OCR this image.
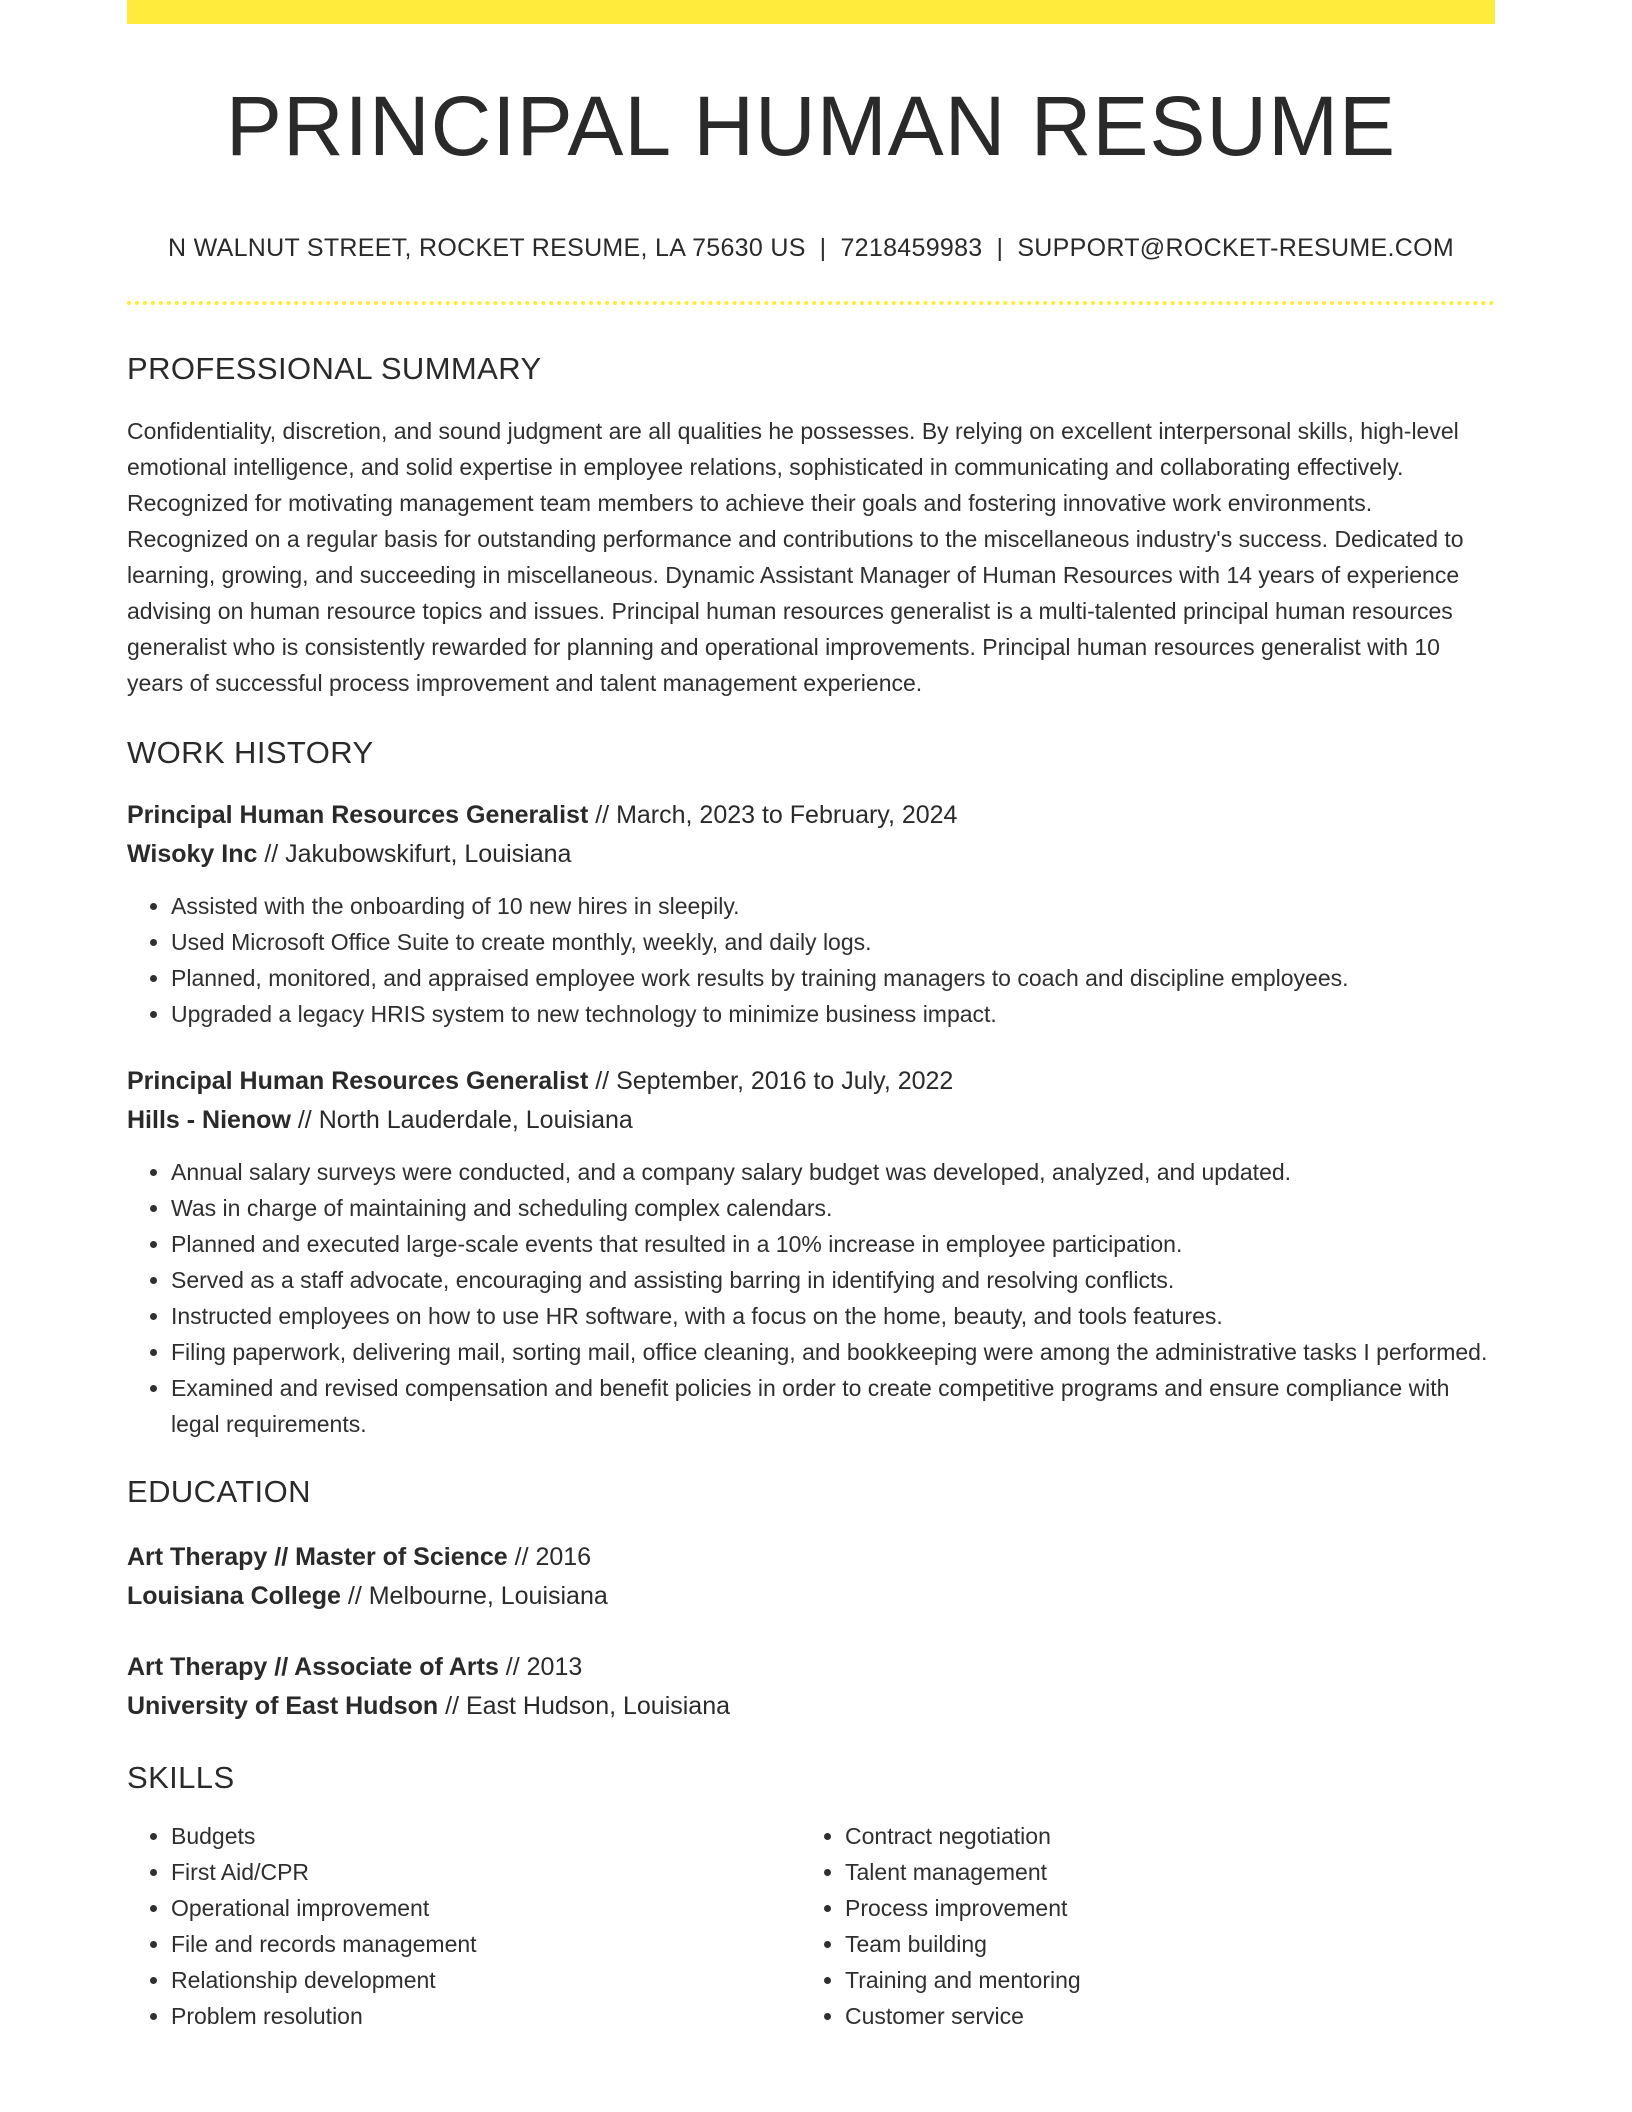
PRINCIPAL HUMAN RESUME
N WALNUT STREET, ROCKET RESUME, LA 75630 US | 7218459983 | SUPPORT@ROCKET-RESUME.COM
PROFESSIONAL SUMMARY
Confidentiality, discretion, and sound judgment are all qualities he possesses. By relying on excellent interpersonal skills, high-level emotional intelligence, and solid expertise in employee relations, sophisticated in communicating and collaborating effectively. Recognized for motivating management team members to achieve their goals and fostering innovative work environments. Recognized on a regular basis for outstanding performance and contributions to the miscellaneous industry's success. Dedicated to learning, growing, and succeeding in miscellaneous. Dynamic Assistant Manager of Human Resources with 14 years of experience advising on human resource topics and issues. Principal human resources generalist is a multi-talented principal human resources generalist who is consistently rewarded for planning and operational improvements. Principal human resources generalist with 10 years of successful process improvement and talent management experience.
WORK HISTORY
Principal Human Resources Generalist // March, 2023 to February, 2024
Wisoky Inc // Jakubowskifurt, Louisiana
• Assisted with the onboarding of 10 new hires in sleepily.
• Used Microsoft Office Suite to create monthly, weekly, and daily logs.
• Planned, monitored, and appraised employee work results by training managers to coach and discipline employees.
• Upgraded a legacy HRIS system to new technology to minimize business impact.
Principal Human Resources Generalist // September, 2016 to July, 2022
Hills - Nienow // North Lauderdale, Louisiana
• Annual salary surveys were conducted, and a company salary budget was developed, analyzed, and updated.
• Was in charge of maintaining and scheduling complex calendars.
• Planned and executed large-scale events that resulted in a 10% increase in employee participation.
• Served as a staff advocate, encouraging and assisting barring in identifying and resolving conflicts.
• Instructed employees on how to use HR software, with a focus on the home, beauty, and tools features.
• Filing paperwork, delivering mail, sorting mail, office cleaning, and bookkeeping were among the administrative tasks I performed.
• Examined and revised compensation and benefit policies in order to create competitive programs and ensure compliance with legal requirements.
EDUCATION
Art Therapy // Master of Science // 2016
Louisiana College // Melbourne, Louisiana
Art Therapy // Associate of Arts // 2013
University of East Hudson // East Hudson, Louisiana
SKILLS
• Budgets
• First Aid/CPR
• Operational improvement
• File and records management
• Relationship development
• Problem resolution
• Contract negotiation
• Talent management
• Process improvement
• Team building
• Training and mentoring
• Customer service
